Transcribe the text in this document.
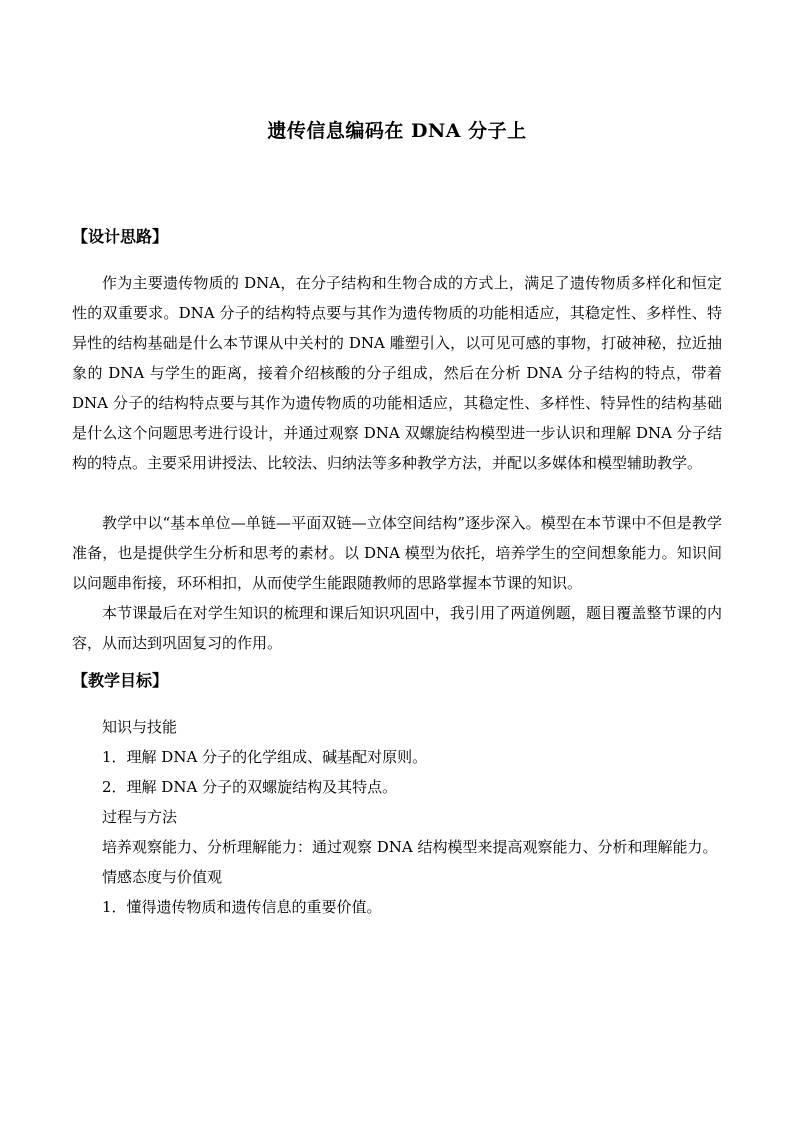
遗传信息编码在 DNA 分子上
【设计思路】

作为主要遗传物质的 DNA，在分子结构和生物合成的方式上，满足了遗传物质多样化和恒定性的双重要求。DNA 分子的结构特点要与其作为遗传物质的功能相适应，其稳定性、多样性、特异性的结构基础是什么本节课从中关村的 DNA 雕塑引入，以可见可感的事物，打破神秘，拉近抽象的 DNA 与学生的距离，接着介绍核酸的分子组成，然后在分析 DNA 分子结构的特点，带着 DNA 分子的结构特点要与其作为遗传物质的功能相适应，其稳定性、多样性、特异性的结构基础是什么这个问题思考进行设计，并通过观察 DNA 双螺旋结构模型进一步认识和理解 DNA 分子结构的特点。主要采用讲授法、比较法、归纳法等多种教学方法，并配以多媒体和模型辅助教学。

教学中以“基本单位—单链—平面双链—立体空间结构”逐步深入。模型在本节课中不但是教学准备，也是提供学生分析和思考的素材。以 DNA 模型为依托，培养学生的空间想象能力。知识间以问题串衔接，环环相扣，从而使学生能跟随教师的思路掌握本节课的知识。

本节课最后在对学生知识的梳理和课后知识巩固中，我引用了两道例题，题目覆盖整节课的内容，从而达到巩固复习的作用。

【教学目标】

知识与技能

1．理解 DNA 分子的化学组成、碱基配对原则。

2．理解 DNA 分子的双螺旋结构及其特点。

过程与方法

培养观察能力、分析理解能力：通过观察 DNA 结构模型来提高观察能力、分析和理解能力。

情感态度与价值观

1．懂得遗传物质和遗传信息的重要价值。
